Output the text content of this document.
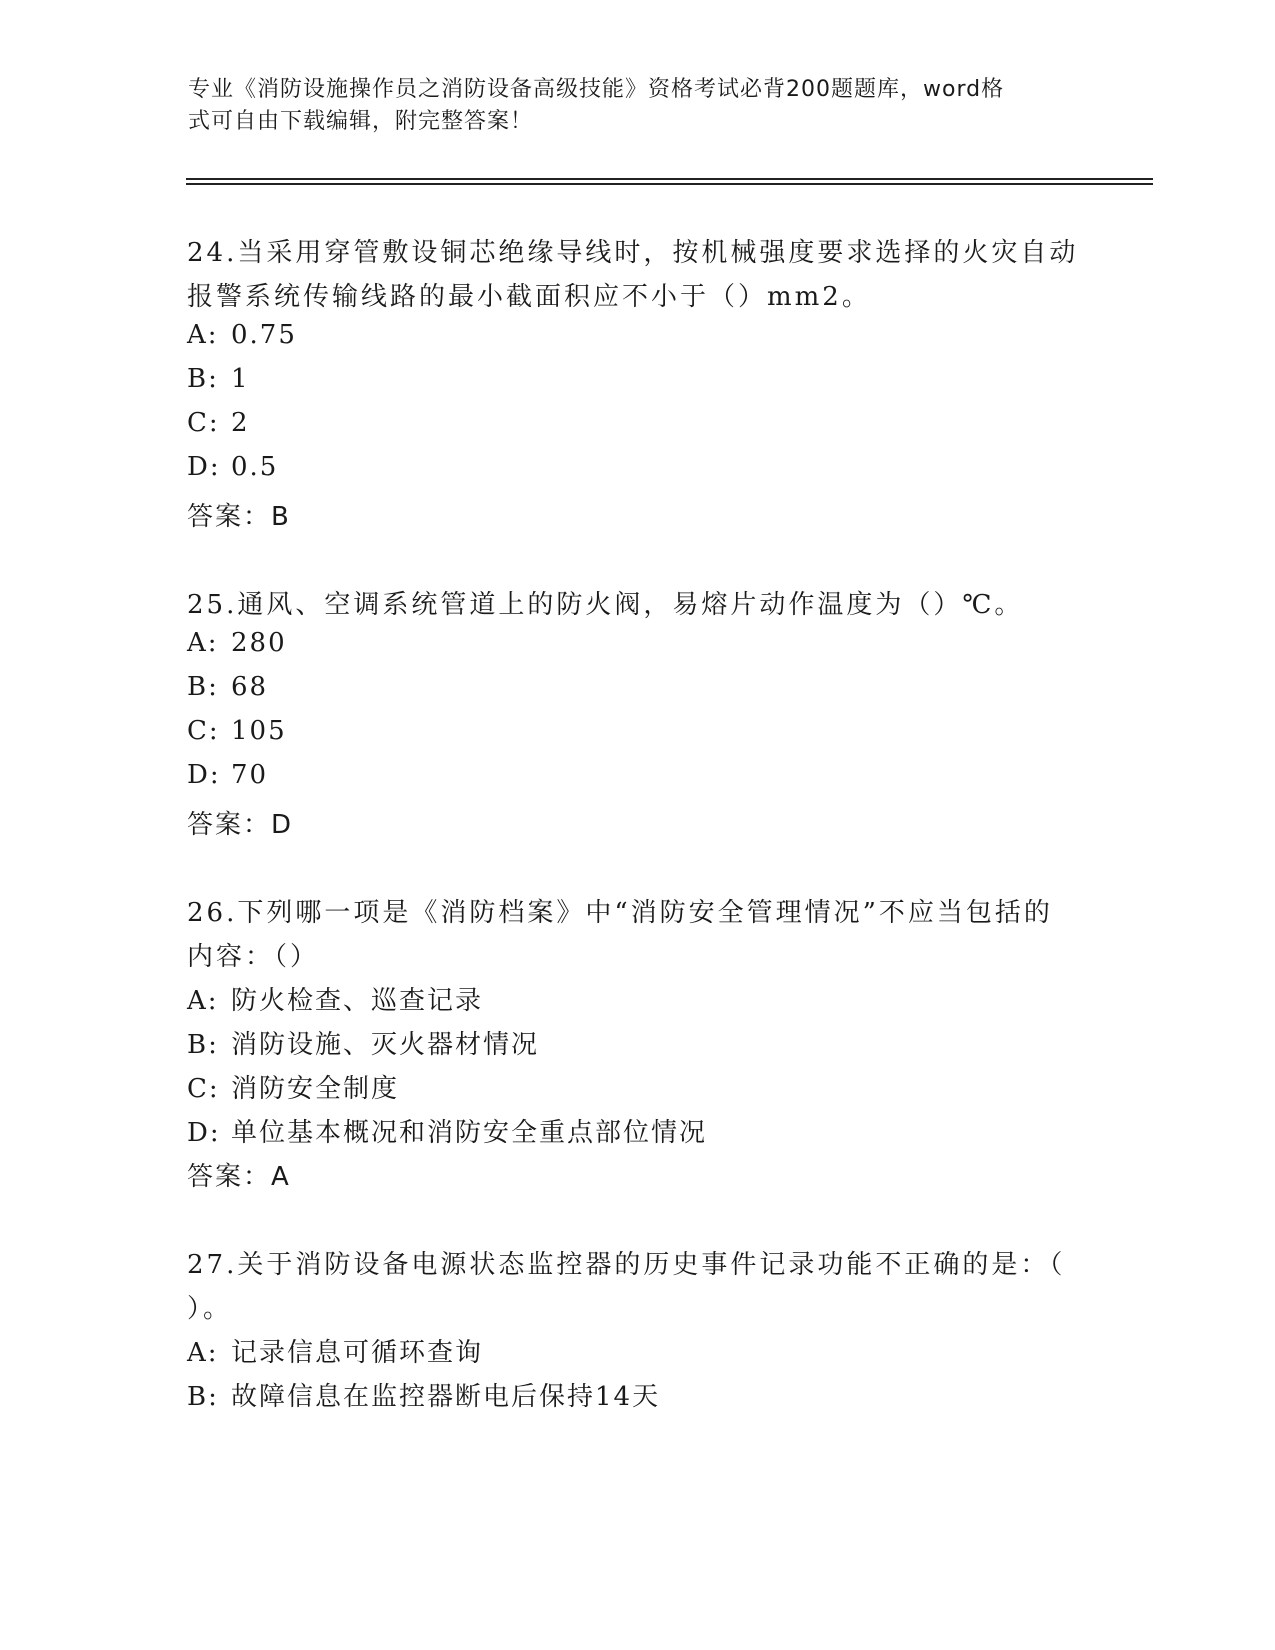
专业《消防设施操作员之消防设备高级技能》资格考试必背200题题库，word格
式可自由下载编辑，附完整答案！
24.当采用穿管敷设铜芯绝缘导线时，按机械强度要求选择的火灾自动
报警系统传输线路的最小截面积应不小于（）mm2。
A: 0.75
B: 1
C: 2
D: 0.5
答案：B
25.通风、空调系统管道上的防火阀，易熔片动作温度为（）℃。
A: 280
B: 68
C: 105
D: 70
答案：D
26.下列哪一项是《消防档案》中“消防安全管理情况”不应当包括的
内容：（）
A: 防火检查、巡查记录
B: 消防设施、灭火器材情况
C: 消防安全制度
D: 单位基本概况和消防安全重点部位情况
答案：A
27.关于消防设备电源状态监控器的历史事件记录功能不正确的是：（
）。
A: 记录信息可循环查询
B: 故障信息在监控器断电后保持14天
